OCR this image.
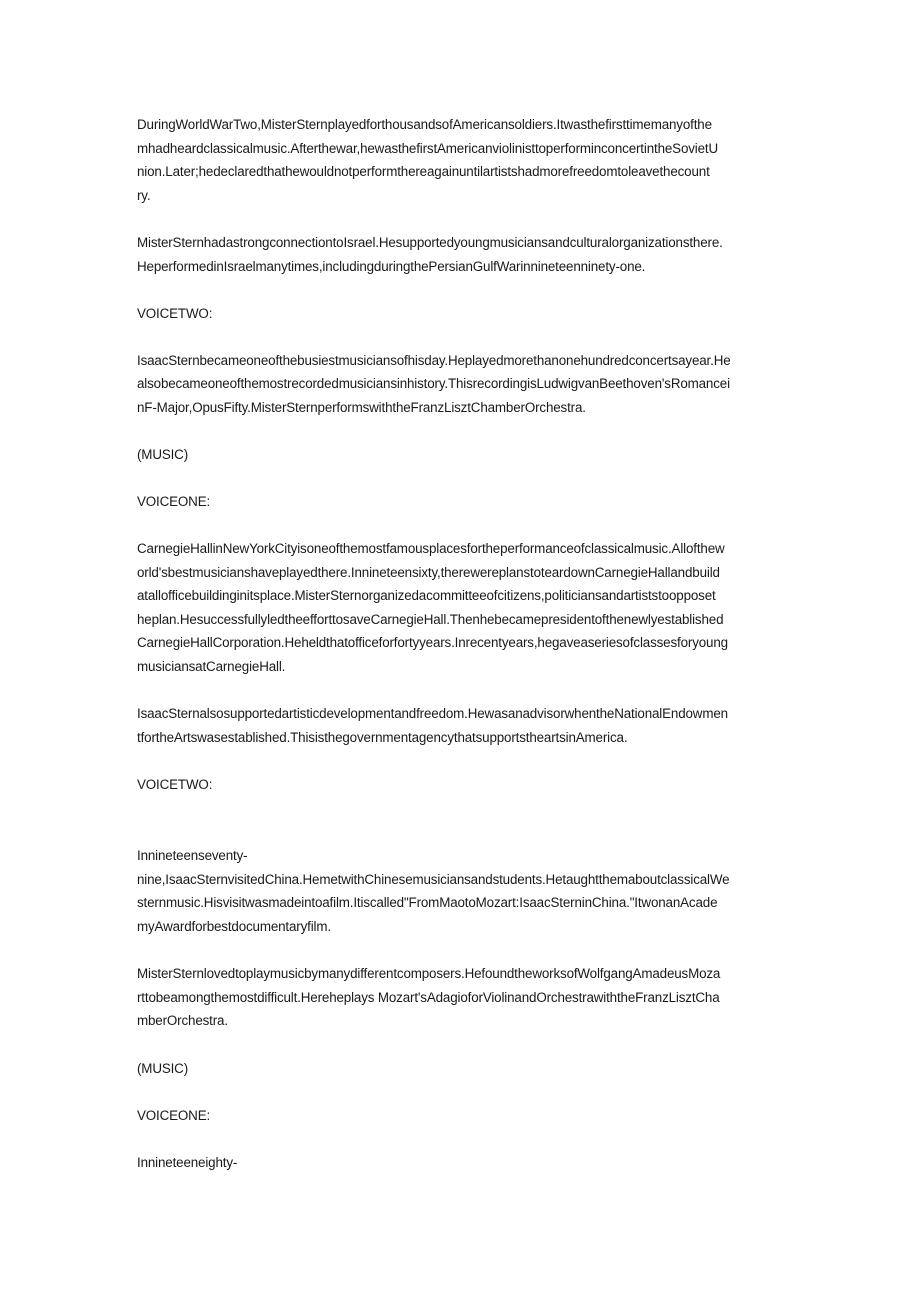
DuringWorldWarTwo,MisterSternplayedforthousandsofAmericansoldiers.Itwasthefirsttimemanyofthe
mhadheardclassicalmusic.Afterthewar,hewasthefirstAmericanviolinisttoperforminconcertintheSovietU
nion.Later;hedeclaredthathewouldnotperformthereagainuntilartistshadmorefreedomtoleavethecount
ry.
MisterSternhadastrongconnectiontoIsrael.Hesupportedyoungmusiciansandculturalorganizationsthere.
HeperformedinIsraelmanytimes,includingduringthePersianGulfWarinnineteenninety-one.
VOICETWO:
IsaacSternbecameoneofthebusiestmusiciansofhisday.Heplayedmorethanonehundredconcertsayear.He
alsobecameoneofthemostrecordedmusiciansinhistory.ThisrecordingisLudwigvanBeethoven'sRomancei
nF-Major,OpusFifty.MisterSternperformswiththeFranzLisztChamberOrchestra.
(MUSIC)
VOICEONE:
CarnegieHallinNewYorkCityisoneofthemostfamousplacesfortheperformanceofclassicalmusic.Allofthew
orld'sbestmusicianshaveplayedthere.Innineteensixty,therewereplanstoteardownCarnegieHallandbuild
atallofficebuildinginitsplace.MisterSternorganizedacommitteeofcitizens,politiciansandartiststoopposet
heplan.HesuccessfullyledtheefforttosaveCarnegieHall.Thenhebecamepresidentofthenewlyestablished
CarnegieHallCorporation.Heheldthatofficeforfortyyears.Inrecentyears,hegaveaseriesofclassesforyoung
musiciansatCarnegieHall.
IsaacSternalsosupportedartisticdevelopmentandfreedom.HewasanadvisorwhentheNationalEndowmen
tfortheArtswasestablished.ThisisthegovernmentagencythatsupportstheartsinAmerica.
VOICETWO:
Innineteenseventy-
nine,IsaacSternvisitedChina.HemetwithChinesemusiciansandstudents.HetaughtthemaboutclassicalWe
sternmusic.Hisvisitwasmadeintoafilm.Itiscalled"FromMaotoMozart:IsaacSterninChina."ItwonanAcade
myAwardforbestdocumentaryfilm.
MisterSternlovedtoplaymusicbymanydifferentcomposers.HefoundtheworksofWolfgangAmadeusMoza
rttobeamongthemostdifficult.Hereheplays Mozart'sAdagioforViolinandOrchestrawiththeFranzLisztCha
mberOrchestra.
(MUSIC)
VOICEONE:
Innineteeneighty-
